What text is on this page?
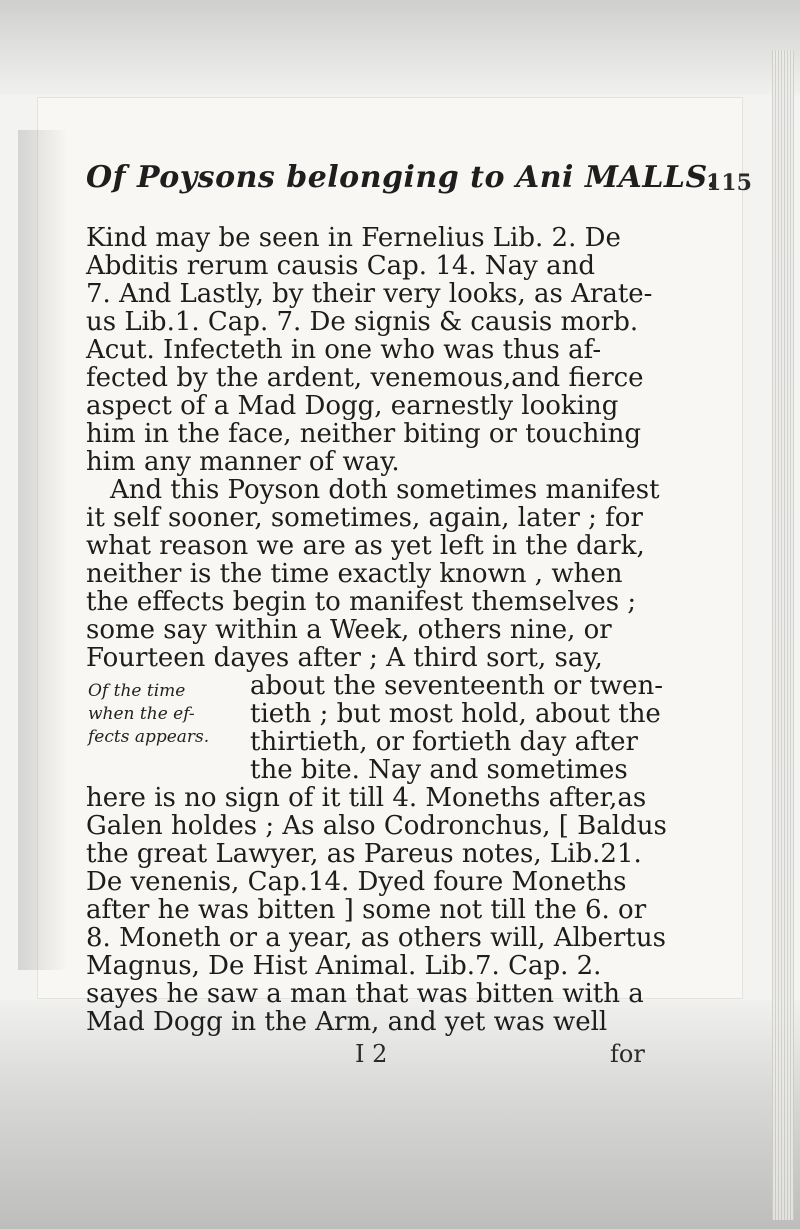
Of Poysons belonging to Ani MALLS.
115
Kind may be seen in Fernelius Lib. 2. De
Abditis rerum causis Cap. 14. Nay and
7. And Lastly, by their very looks, as Arate-
us Lib.1. Cap. 7. De signis & causis morb.
Acut. Infecteth in one who was thus af-
fected by the ardent, venemous,and fierce
aspect of a Mad Dogg, earnestly looking
him in the face, neither biting or touching
him any manner of way.
And this Poyson doth sometimes manifest
it self sooner, sometimes, again, later ; for
what reason we are as yet left in the dark,
neither is the time exactly known , when
the effects begin to manifest themselves ;
some say within a Week, others nine, or
Fourteen dayes after ; A third sort, say,
about the seventeenth or twen-
tieth ; but most hold, about the
thirtieth, or fortieth day after
the bite. Nay and sometimes
here is no sign of it till 4. Moneths after,as
Galen holdes ; As also Codronchus, [ Baldus
the great Lawyer, as Pareus notes, Lib.21.
De venenis, Cap.14. Dyed foure Moneths
after he was bitten ] some not till the 6. or
8. Moneth or a year, as others will, Albertus
Magnus, De Hist Animal. Lib.7. Cap. 2.
sayes he saw a man that was bitten with a
Mad Dogg in the Arm, and yet was well
Of the time
when the ef-
fects appears.
I 2	for
